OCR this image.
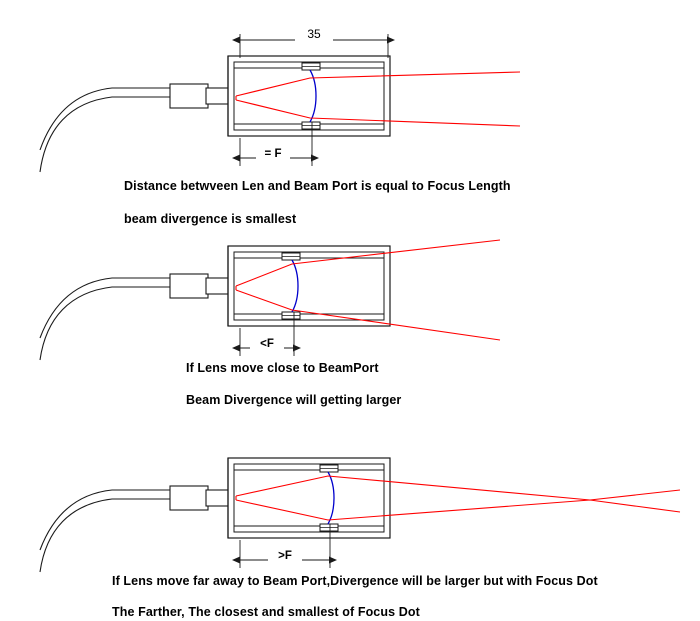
35
= F
<F
>F
Distance betwveen Len and Beam Port is equal to Focus Length
beam divergence is smallest
If Lens move close to BeamPort
Beam Divergence will getting larger
If Lens move far away to Beam Port,Divergence will be larger but with Focus Dot
The Farther, The closest and smallest of Focus Dot
